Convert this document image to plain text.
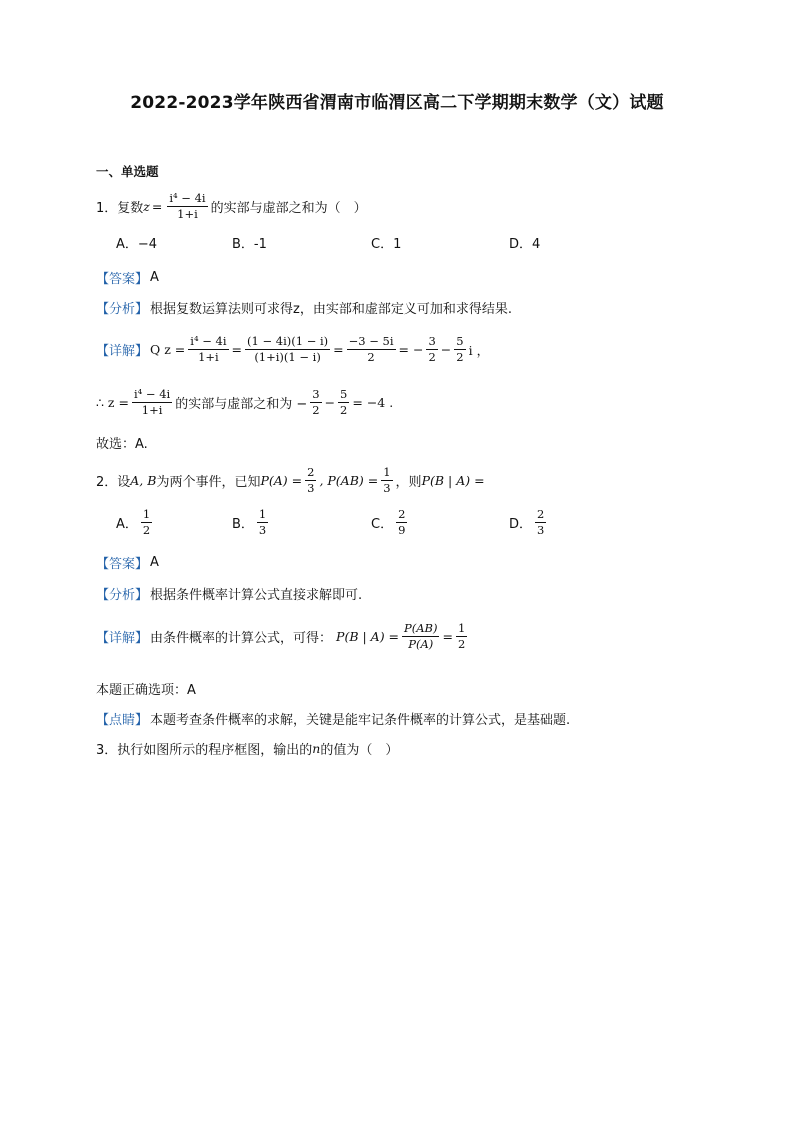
2022-2023学年陕西省渭南市临渭区高二下学期期末数学（文）试题
一、单选题
1．复数 $z = \frac{\text{i⁴ − 4i}}{1+i}$ 的实部与虚部之和为（　）
A．−4	B．-1	C．1	D．4
【答案】 A
【分析】 根据复数运算法则可求得z，由实部和虚部定义可加和求得结果.
【详解】 Q $z = \frac{\text{i⁴ − 4i}}{1+i} = \frac{(1 - 4i)(1 - i)}{(1+i)(1 - i)} = \frac{-3 - 5i}{2}$ = − $\frac{3}{2} - \frac{5}{2}$ i ，
∴ $z = \frac{\text{i⁴ − 4i}}{1+i}$ 的实部与虚部之和为 − $\frac{3}{2} - \frac{5}{2} = -4$ .
故选：A.
2．设 A, B 为两个事件，已知 $P(A) = \frac{2}{3}$ , $P(AB) = \frac{1}{3}$ ，则 P(B | A) =
A． $\frac{1}{2}$	B． $\frac{1}{3}$	C． $\frac{2}{9}$	D． $\frac{2}{3}$
【答案】 A
【分析】 根据条件概率计算公式直接求解即可.
【详解】 由条件概率的计算公式，可得： P(B | $A) = \frac{P(AB)}{P(A)} = \frac{1}{2}$
本题正确选项：A
【点睛】 本题考查条件概率的求解，关键是能牢记条件概率的计算公式，是基础题.
3．执行如图所示的程序框图，输出的 n 的值为（　）
